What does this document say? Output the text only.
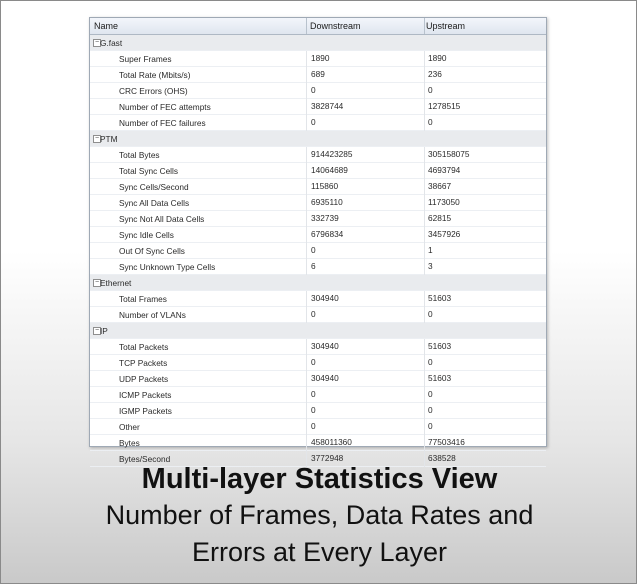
Name	Downstream	Upstream
− G.fast
Super Frames	1890	1890
Total Rate (Mbits/s)	689	236
CRC Errors (OHS)	0	0
Number of FEC attempts	3828744	1278515
Number of FEC failures	0	0
− PTM
Total Bytes	914423285	305158075
Total Sync Cells	14064689	4693794
Sync Cells/Second	115860	38667
Sync All Data Cells	6935110	1173050
Sync Not All Data Cells	332739	62815
Sync Idle Cells	6796834	3457926
Out Of Sync Cells	0	1
Sync Unknown Type Cells	6	3
− Ethernet
Total Frames	304940	51603
Number of VLANs	0	0
− IP
Total Packets	304940	51603
TCP Packets	0	0
UDP Packets	304940	51603
ICMP Packets	0	0
IGMP Packets	0	0
Other	0	0
Bytes	458011360	77503416
Bytes/Second	3772948	638528
Multi-layer Statistics View
Number of Frames, Data Rates and
Errors at Every Layer
